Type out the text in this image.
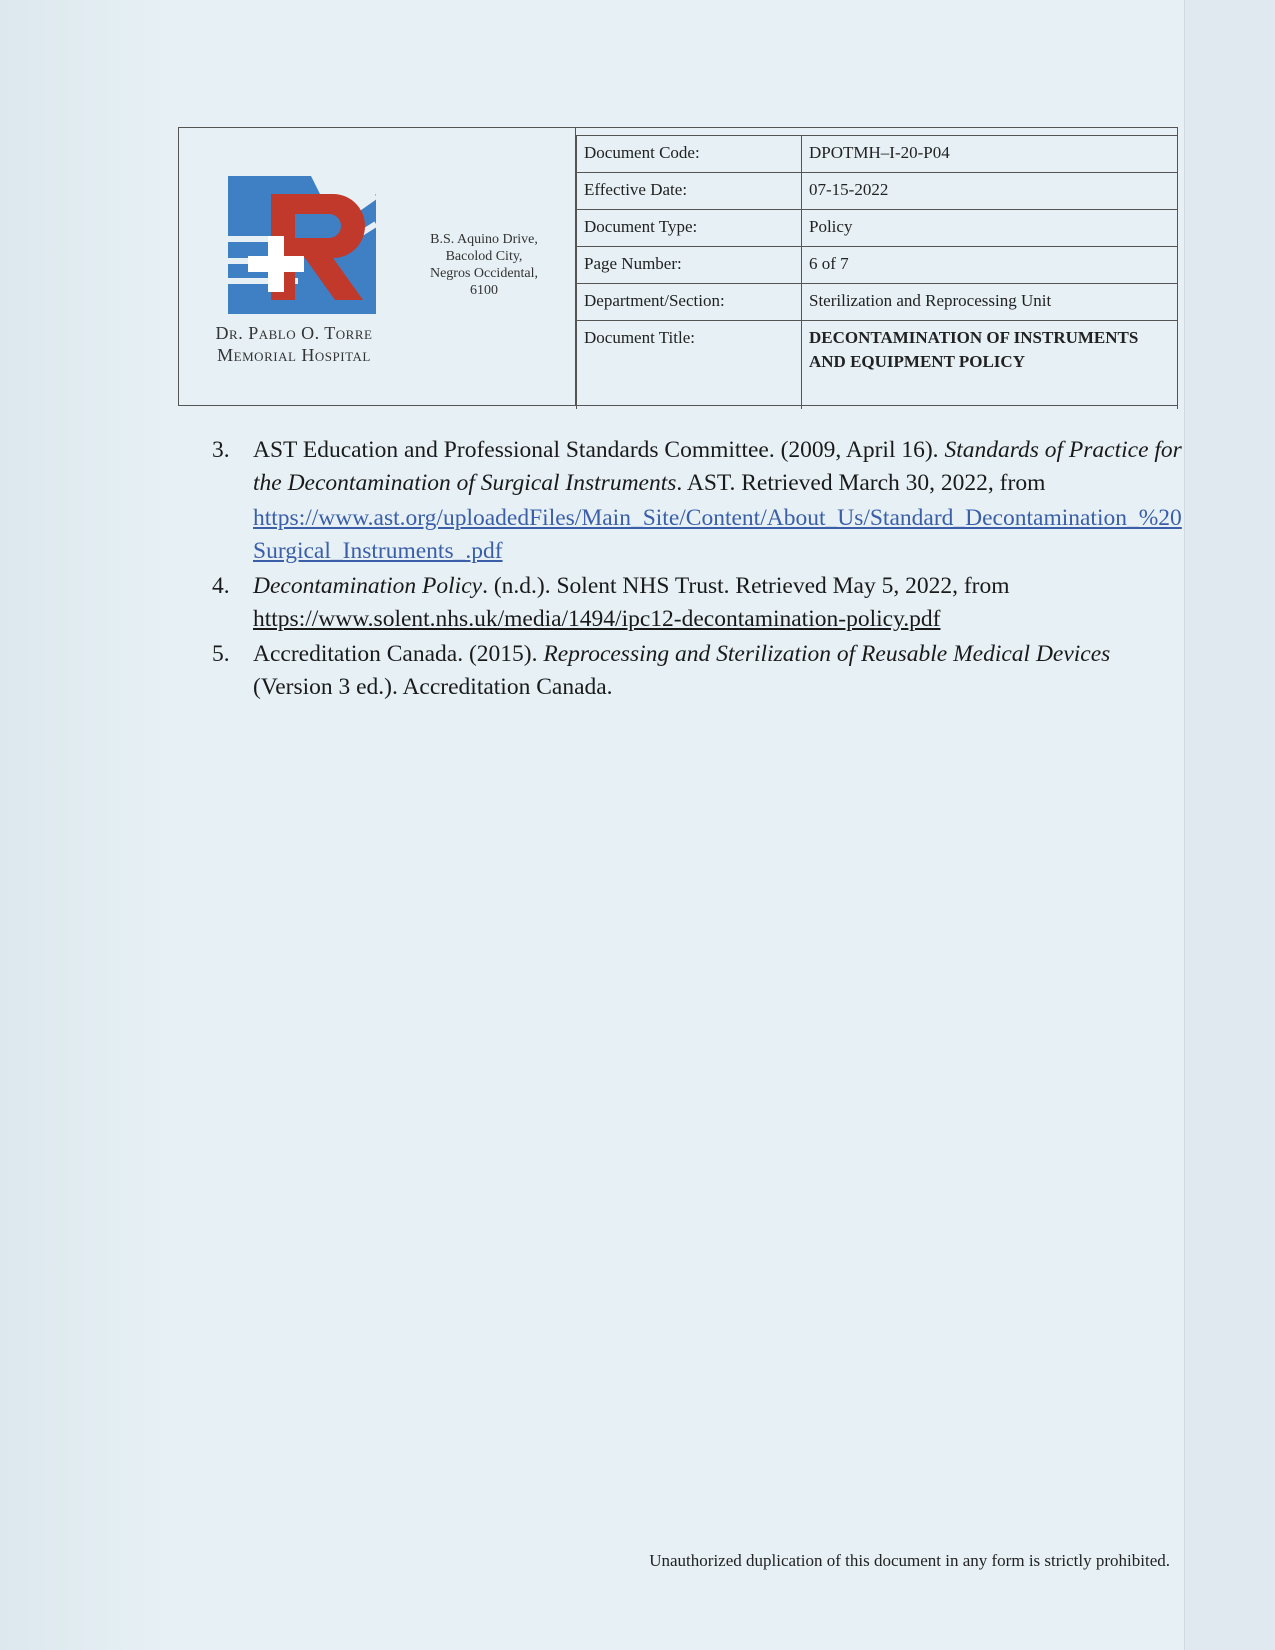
Dr. Pablo O. Torre
Memorial Hospital
B.S. Aquino Drive,
Bacolod City,
Negros Occidental,
6100
Document Code:	DPOTMH–I-20-P04
Effective Date:	07-15-2022
Document Type:	Policy
Page Number:	6 of 7
Department/Section:	Sterilization and Reprocessing Unit
Document Title:	DECONTAMINATION OF INSTRUMENTS AND EQUIPMENT POLICY
3. AST Education and Professional Standards Committee. (2009, April 16). Standards of Practice for the Decontamination of Surgical Instruments. AST. Retrieved March 30, 2022, from
https://www.ast.org/uploadedFiles/Main_Site/Content/About_Us/Standard_Decontamination_%20Surgical_Instruments_.pdf
4. Decontamination Policy. (n.d.). Solent NHS Trust. Retrieved May 5, 2022, from
https://www.solent.nhs.uk/media/1494/ipc12-decontamination-policy.pdf
5. Accreditation Canada. (2015). Reprocessing and Sterilization of Reusable Medical Devices (Version 3 ed.). Accreditation Canada.
Unauthorized duplication of this document in any form is strictly prohibited.
